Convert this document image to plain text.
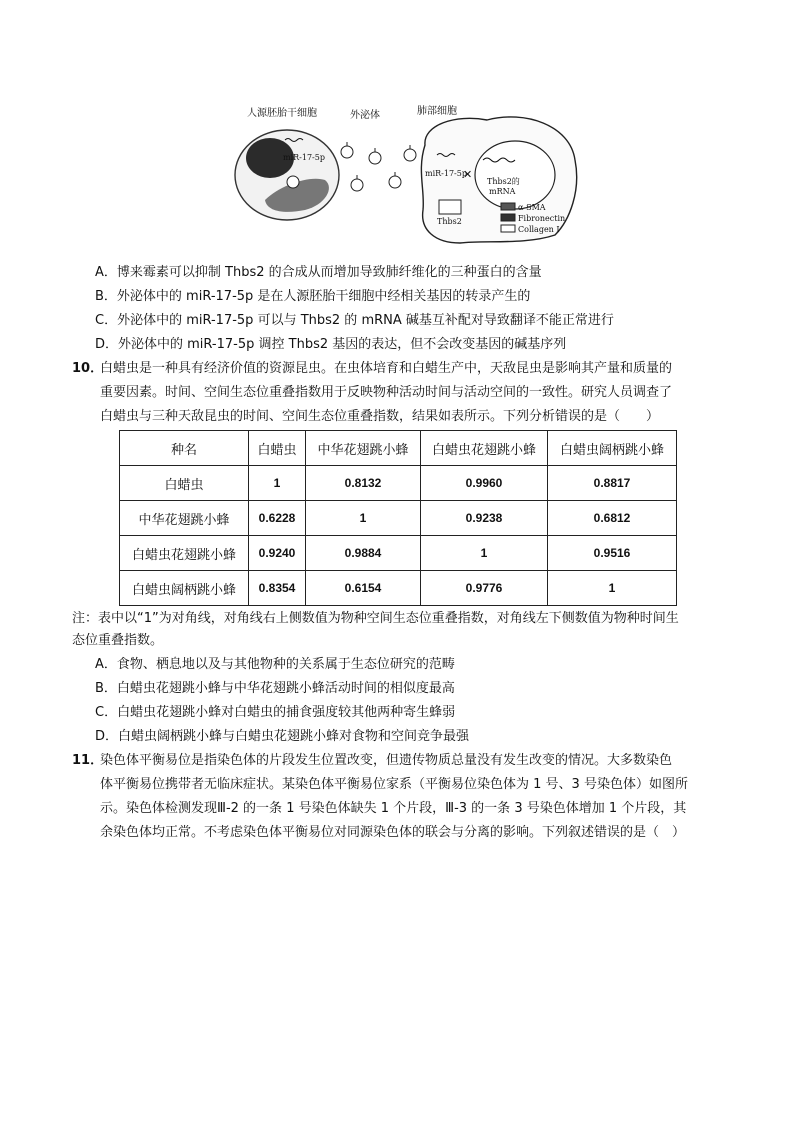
人源胚胎干细胞	外泌体	肺部细胞
miR-17-5p
miR-17-5p
Thbs2的
mRNA
✕
Thbs2
α-SMA
Fibronectin
Collagen I
A．博来霉素可以抑制 Thbs2 的合成从而增加导致肺纤维化的三种蛋白的含量
B．外泌体中的 miR-17-5p 是在人源胚胎干细胞中经相关基因的转录产生的
C．外泌体中的 miR-17-5p 可以与 Thbs2 的 mRNA 碱基互补配对导致翻译不能正常进行
D．外泌体中的 miR-17-5p 调控 Thbs2 基因的表达，但不会改变基因的碱基序列
10．
白蜡虫是一种具有经济价值的资源昆虫。在虫体培育和白蜡生产中，天敌昆虫是影响其产量和质量的
重要因素。时间、空间生态位重叠指数用于反映物种活动时间与活动空间的一致性。研究人员调查了
白蜡虫与三种天敌昆虫的时间、空间生态位重叠指数，结果如表所示。下列分析错误的是（　　）
种名	白蜡虫	中华花翅跳小蜂	白蜡虫花翅跳小蜂	白蜡虫阔柄跳小蜂
白蜡虫	1	0.8132	0.9960	0.8817
中华花翅跳小蜂	0.6228	1	0.9238	0.6812
白蜡虫花翅跳小蜂	0.9240	0.9884	1	0.9516
白蜡虫阔柄跳小蜂	0.8354	0.6154	0.9776	1
注：表中以“1”为对角线，对角线右上侧数值为物种空间生态位重叠指数，对角线左下侧数值为物种时间生
态位重叠指数。
A．食物、栖息地以及与其他物种的关系属于生态位研究的范畴
B．白蜡虫花翅跳小蜂与中华花翅跳小蜂活动时间的相似度最高
C．白蜡虫花翅跳小蜂对白蜡虫的捕食强度较其他两种寄生蜂弱
D．白蜡虫阔柄跳小蜂与白蜡虫花翅跳小蜂对食物和空间竞争最强
11．
染色体平衡易位是指染色体的片段发生位置改变，但遗传物质总量没有发生改变的情况。大多数染色
体平衡易位携带者无临床症状。某染色体平衡易位家系（平衡易位染色体为 1 号、3 号染色体）如图所
示。染色体检测发现Ⅲ-2 的一条 1 号染色体缺失 1 个片段，Ⅲ-3 的一条 3 号染色体增加 1 个片段，其
余染色体均正常。不考虑染色体平衡易位对同源染色体的联会与分离的影响。下列叙述错误的是（　）
